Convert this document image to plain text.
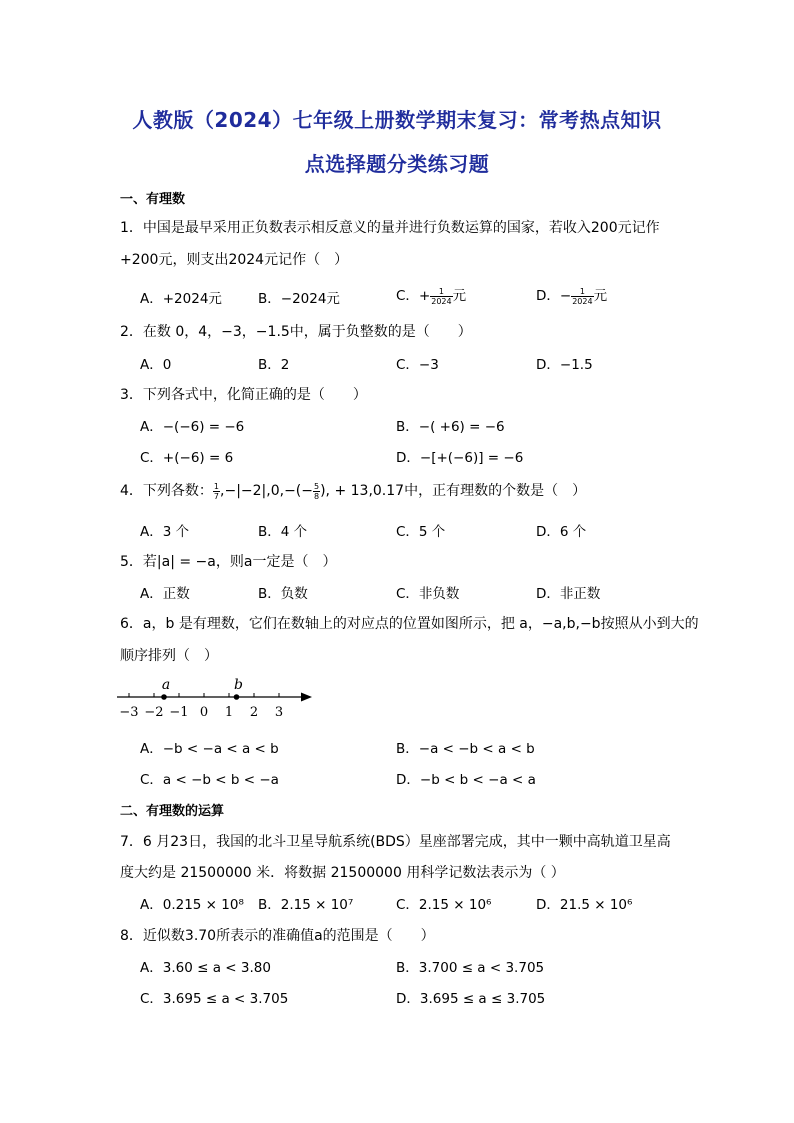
人教版（2024）七年级上册数学期末复习：常考热点知识
点选择题分类练习题
一、有理数
1．中国是最早采用正负数表示相反意义的量并进行负数运算的国家，若收入200元记作
+200元，则支出2024元记作（　）
A．+2024元	B．−2024元	C．+ $\frac{1}{2024}$ 元	D．− $\frac{1}{2024}$ 元
2．在数 0，4，−3，−1.5中，属于负整数的是（　　）
A．0	B．2	C．−3	D．−1.5
3．下列各式中，化简正确的是（　　）
A．−(−6) = −6	B．−( +6) = −6
C．+(−6) = 6	D．−[+(−6)] = −6
4．下列各数： $\frac{1}{7} ,-|-2|,0,-(- \frac{5}{8}$ ), + 13,0.17中，正有理数的个数是（　）
A．3 个	B．4 个	C．5 个	D．6 个
5．若|a| = −a，则a一定是（　）
A．正数	B．负数	C．非负数	D．非正数
6．a，b 是有理数，它们在数轴上的对应点的位置如图所示，把 a，−a,b,−b按照从小到大的
顺序排列（　）
−3 −2 −1 0 1 2 3
a	b
A．−b < −a < a < b	B．−a < −b < a < b
C．a < −b < b < −a	D．−b < b < −a < a
二、有理数的运算
7．6 月23日，我国的北斗卫星导航系统(BDS）星座部署完成，其中一颗中高轨道卫星高
度大约是 21500000 米．将数据 21500000 用科学记数法表示为（ ）
A．0.215 × 10⁸ B．2.15 × 10⁷	C．2.15 × 10⁶	D．21.5 × 10⁶
8．近似数3.70所表示的准确值a的范围是（　　）
A．3.60 ≤ a < 3.80	B．3.700 ≤ a < 3.705
C．3.695 ≤ a < 3.705	D．3.695 ≤ a ≤ 3.705
